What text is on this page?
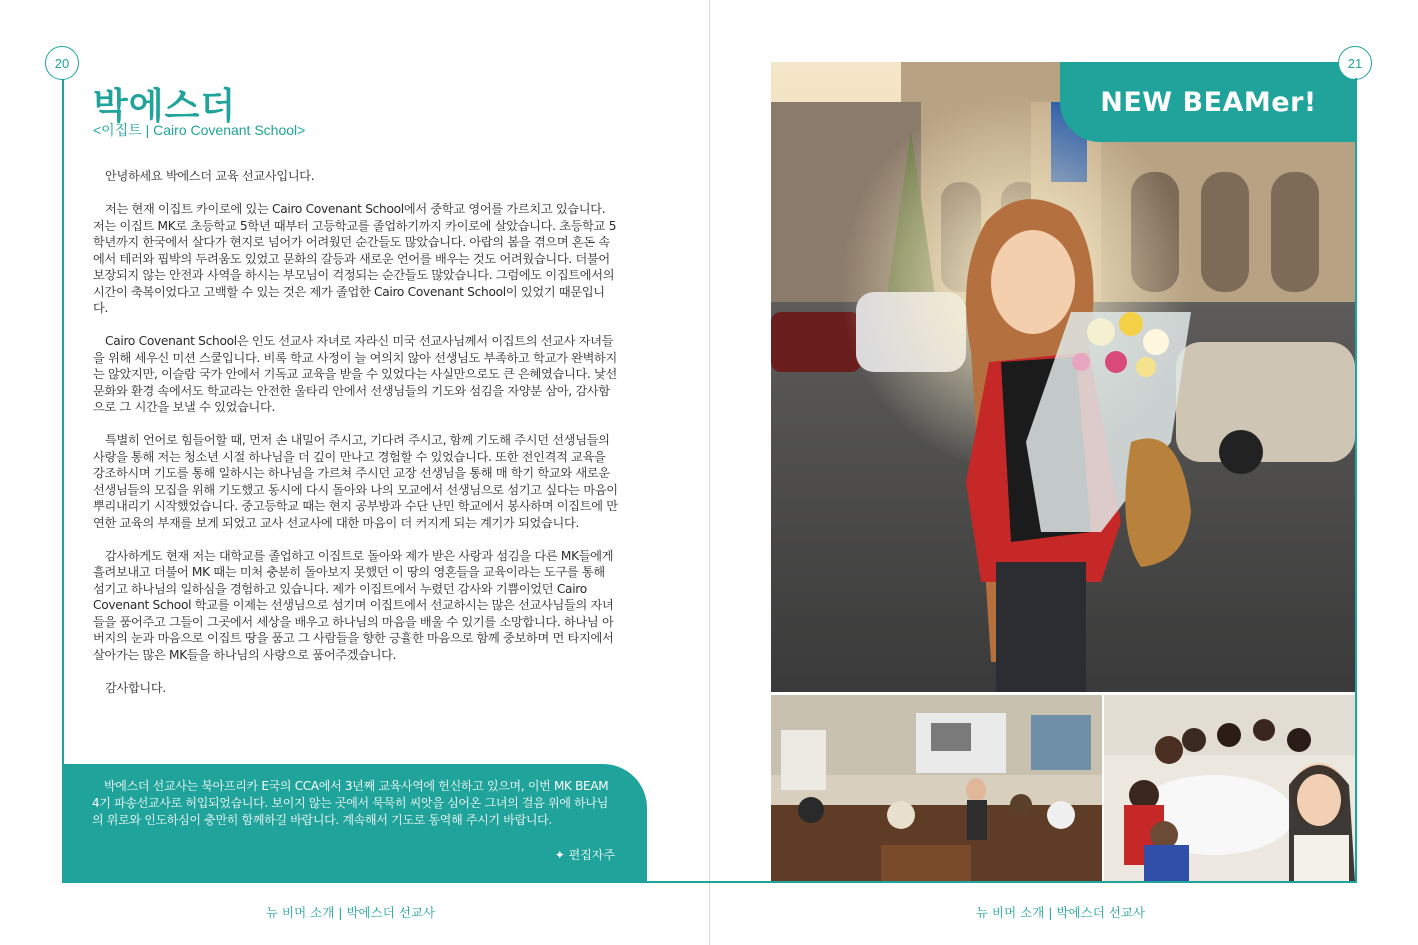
20
박에스더
<이집트 | Cairo Covenant School>

안녕하세요 박에스더 교육 선교사입니다.

저는 현재 이집트 카이로에 있는 Cairo Covenant School에서 중학교 영어를 가르치고 있습니다. 저는 이집트 MK로 초등학교 5학년 때부터 고등학교를 졸업하기까지 카이로에 살았습니다. 초등학교 5학년까지 한국에서 살다가 현지로 넘어가 어려웠던 순간들도 많았습니다. 아랍의 봄을 겪으며 혼돈 속에서 테러와 핍박의 두려움도 있었고 문화의 갈등과 새로운 언어를 배우는 것도 어려웠습니다. 더불어 보장되지 않는 안전과 사역을 하시는 부모님이 걱정되는 순간들도 많았습니다. 그럼에도 이집트에서의 시간이 축복이었다고 고백할 수 있는 것은 제가 졸업한 Cairo Covenant School이 있었기 때문입니다.

Cairo Covenant School은 인도 선교사 자녀로 자라신 미국 선교사님께서 이집트의 선교사 자녀들을 위해 세우신 미션 스쿨입니다. 비록 학교 사정이 늘 여의치 않아 선생님도 부족하고 학교가 완벽하지는 않았지만, 이슬람 국가 안에서 기독교 교육을 받을 수 있었다는 사실만으로도 큰 은혜였습니다. 낯선 문화와 환경 속에서도 학교라는 안전한 울타리 안에서 선생님들의 기도와 섬김을 자양분 삼아, 감사함으로 그 시간을 보낼 수 있었습니다.

특별히 언어로 힘들어할 때, 먼저 손 내밀어 주시고, 기다려 주시고, 함께 기도해 주시던 선생님들의 사랑을 통해 저는 청소년 시절 하나님을 더 깊이 만나고 경험할 수 있었습니다. 또한 전인격적 교육을 강조하시며 기도를 통해 일하시는 하나님을 가르쳐 주시던 교장 선생님을 통해 매 학기 학교와 새로운 선생님들의 모집을 위해 기도했고 동시에 다시 돌아와 나의 모교에서 선생님으로 섬기고 싶다는 마음이 뿌리내리기 시작했었습니다. 중고등학교 때는 현지 공부방과 수단 난민 학교에서 봉사하며 이집트에 만연한 교육의 부재를 보게 되었고 교사 선교사에 대한 마음이 더 커지게 되는 계기가 되었습니다.

감사하게도 현재 저는 대학교를 졸업하고 이집트로 돌아와 제가 받은 사랑과 섬김을 다른 MK들에게 흘려보내고 더불어 MK 때는 미처 충분히 돌아보지 못했던 이 땅의 영혼들을 교육이라는 도구를 통해 섬기고 하나님의 일하심을 경험하고 있습니다. 제가 이집트에서 누렸던 감사와 기쁨이었던 Cairo Covenant School 학교를 이제는 선생님으로 섬기며 이집트에서 선교하시는 많은 선교사님들의 자녀들을 품어주고 그들이 그곳에서 세상을 배우고 하나님의 마음을 배울 수 있기를 소망합니다. 하나님 아버지의 눈과 마음으로 이집트 땅을 품고 그 사람들을 향한 긍휼한 마음으로 함께 중보하며 먼 타지에서 살아가는 많은 MK들을 하나님의 사랑으로 품어주겠습니다.

감사합니다.

박에스더 선교사는 북아프리카 E국의 CCA에서 3년째 교육사역에 헌신하고 있으며, 이번 MK BEAM 4기 파송선교사로 허입되었습니다. 보이지 않는 곳에서 묵묵히 씨앗을 심어온 그녀의 걸음 위에 하나님의 위로와 인도하심이 충만히 함께하길 바랍니다. 계속해서 기도로 동역해 주시기 바랍니다.

✦ 편집자주
뉴 비머 소개 | 박에스더 선교사
NEW BEAMer!
21
뉴 비머 소개 | 박에스더 선교사
